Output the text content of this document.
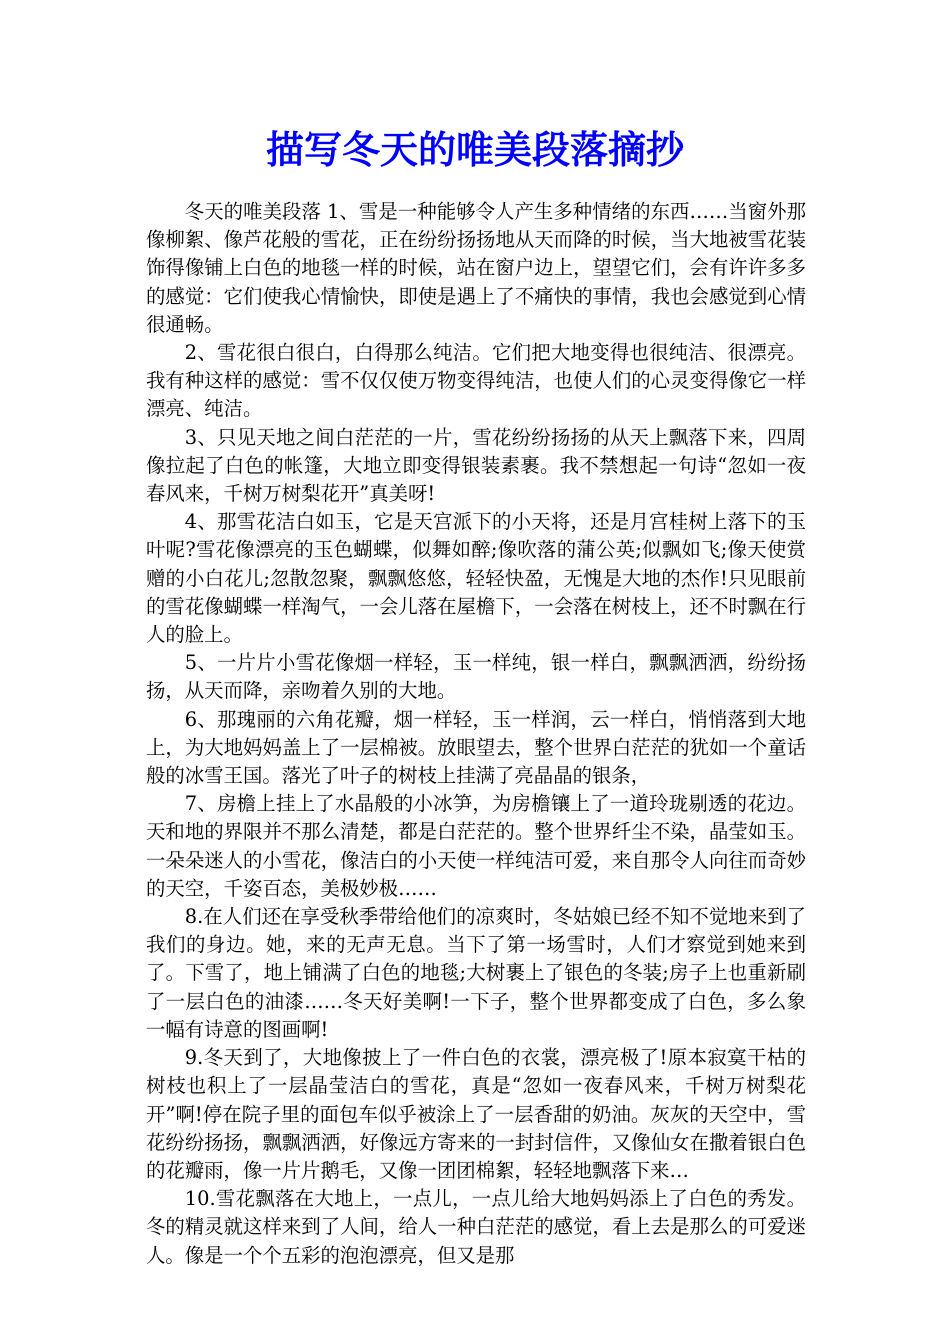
描写冬天的唯美段落摘抄

冬天的唯美段落 1、雪是一种能够令人产生多种情绪的东西……当窗外那像柳絮、像芦花般的雪花，正在纷纷扬扬地从天而降的时候，当大地被雪花装饰得像铺上白色的地毯一样的时候，站在窗户边上，望望它们，会有许许多多的感觉：它们使我心情愉快，即使是遇上了不痛快的事情，我也会感觉到心情很通畅。

2、雪花很白很白，白得那么纯洁。它们把大地变得也很纯洁、很漂亮。我有种这样的感觉：雪不仅仅使万物变得纯洁，也使人们的心灵变得像它一样漂亮、纯洁。

3、只见天地之间白茫茫的一片，雪花纷纷扬扬的从天上飘落下来，四周像拉起了白色的帐篷，大地立即变得银装素裹。我不禁想起一句诗“忽如一夜春风来，千树万树梨花开”真美呀!

4、那雪花洁白如玉，它是天宫派下的小天将，还是月宫桂树上落下的玉叶呢?雪花像漂亮的玉色蝴蝶，似舞如醉;像吹落的蒲公英;似飘如飞;像天使赏赠的小白花儿;忽散忽聚，飘飘悠悠，轻轻快盈，无愧是大地的杰作!只见眼前的雪花像蝴蝶一样淘气，一会儿落在屋檐下，一会落在树枝上，还不时飘在行人的脸上。

5、一片片小雪花像烟一样轻，玉一样纯，银一样白，飘飘洒洒，纷纷扬扬，从天而降，亲吻着久别的大地。

6、那瑰丽的六角花瓣，烟一样轻，玉一样润，云一样白，悄悄落到大地上，为大地妈妈盖上了一层棉被。放眼望去，整个世界白茫茫的犹如一个童话般的冰雪王国。落光了叶子的树枝上挂满了亮晶晶的银条，

7、房檐上挂上了水晶般的小冰笋，为房檐镶上了一道玲珑剔透的花边。天和地的界限并不那么清楚，都是白茫茫的。整个世界纤尘不染，晶莹如玉。一朵朵迷人的小雪花，像洁白的小天使一样纯洁可爱，来自那令人向往而奇妙的天空，千姿百态，美极妙极……

8.在人们还在享受秋季带给他们的凉爽时，冬姑娘已经不知不觉地来到了我们的身边。她，来的无声无息。当下了第一场雪时，人们才察觉到她来到了。下雪了，地上铺满了白色的地毯;大树裹上了银色的冬装;房子上也重新刷了一层白色的油漆……冬天好美啊!一下子，整个世界都变成了白色，多么象一幅有诗意的图画啊!

9.冬天到了，大地像披上了一件白色的衣裳，漂亮极了!原本寂寞干枯的树枝也积上了一层晶莹洁白的雪花，真是“忽如一夜春风来，千树万树梨花开”啊!停在院子里的面包车似乎被涂上了一层香甜的奶油。灰灰的天空中，雪花纷纷扬扬，飘飘洒洒，好像远方寄来的一封封信件，又像仙女在撒着银白色的花瓣雨，像一片片鹅毛，又像一团团棉絮，轻轻地飘落下来…

10.雪花飘落在大地上，一点儿，一点儿给大地妈妈添上了白色的秀发。冬的精灵就这样来到了人间，给人一种白茫茫的感觉，看上去是那么的可爱迷人。像是一个个五彩的泡泡漂亮，但又是那
